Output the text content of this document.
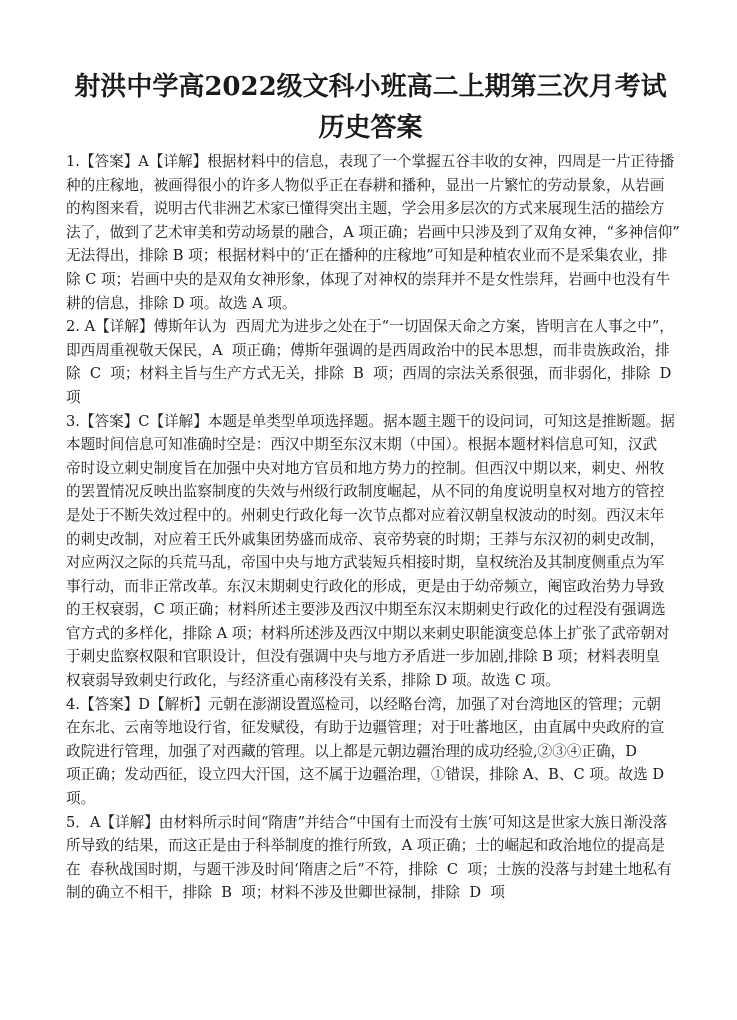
射洪中学高2022级文科小班高二上期第三次月考试
历史答案

1.【答案】A【详解】根据材料中的信息，表现了一个掌握五谷丰收的女神，四周是一片正待播

种的庄稼地，被画得很小的许多人物似乎正在春耕和播种，显出一片繁忙的劳动景象，从岩画

的构图来看，说明古代非洲艺术家已懂得突出主题，学会用多层次的方式来展现生活的描绘方

法了，做到了艺术审美和劳动场景的融合，A 项正确；岩画中只涉及到了双角女神，“多神信仰”

无法得出，排除 B 项；根据材料中的‘正在播种的庄稼地”可知是种植农业而不是采集农业，排

除 C 项；岩画中央的是双角女神形象，体现了对神权的崇拜并不是女性崇拜，岩画中也没有牛

耕的信息，排除 D 项。故选 A 项。

2. A【详解】傅斯年认为  西周尤为进步之处在于“一切固保天命之方案，皆明言在人事之中”，

即西周重视敬天保民，A  项正确；傅斯年强调的是西周政治中的民本思想，而非贵族政治，排

除  C  项；材料主旨与生产方式无关，排除  B  项；西周的宗法关系很强，而非弱化，排除  D

项

3.【答案】C【详解】本题是单类型单项选择题。据本题主题干的设问词，可知这是推断题。据

本题时间信息可知准确时空是：西汉中期至东汉末期（中国）。根据本题材料信息可知，汉武

帝时设立刺史制度旨在加强中央对地方官员和地方势力的控制。但西汉中期以来，刺史、州牧

的罢置情况反映出监察制度的失效与州级行政制度崛起，从不同的角度说明皇权对地方的管控

是处于不断失效过程中的。州刺史行政化每一次节点都对应着汉朝皇权波动的时刻。西汉末年

的刺史改制，对应着王氏外戚集团势盛而成帝、哀帝势衰的时期；王莽与东汉初的刺史改制，

对应两汉之际的兵荒马乱，帝国中央与地方武装短兵相接时期，皇权统治及其制度侧重点为军

事行动，而非正常改革。东汉末期刺史行政化的形成，更是由于幼帝频立，阉宦政治势力导致

的王权衰弱，C 项正确；材料所述主要涉及西汉中期至东汉末期刺史行政化的过程没有强调选

官方式的多样化，排除 A 项；材料所述涉及西汉中期以来刺史职能演变总体上扩张了武帝朝对

于刺史监察权限和官职设计，但没有强调中央与地方矛盾进一步加剧,排除 B 项；材料表明皇

权衰弱导致刺史行政化，与经济重心南移没有关系，排除 D 项。故选 C 项。

4.【答案】D【解析】元朝在澎湖设置巡检司，以经略台湾，加强了对台湾地区的管理；元朝

在东北、云南等地设行省，征发赋役，有助于边疆管理；对于吐蕃地区，由直属中央政府的宣

政院进行管理，加强了对西藏的管理。以上都是元朝边疆治理的成功经验,②③④正确，D

项正确；发动西征，设立四大汗国，这不属于边疆治理，①错误，排除 A、B、C 项。故选 D

项。

5．A【详解】由材料所示时间“隋唐”并结合“中国有士而没有士族’可知这是世家大族日渐没落

所导致的结果，而这正是由于科举制度的推行所致，A 项正确；士的崛起和政治地位的提高是

在  春秋战国时期，与题干涉及时间‘隋唐之后”不符，排除  C  项；士族的没落与封建土地私有

制的确立不相干，排除  B  项；材料不涉及世卿世禄制，排除  D  项
